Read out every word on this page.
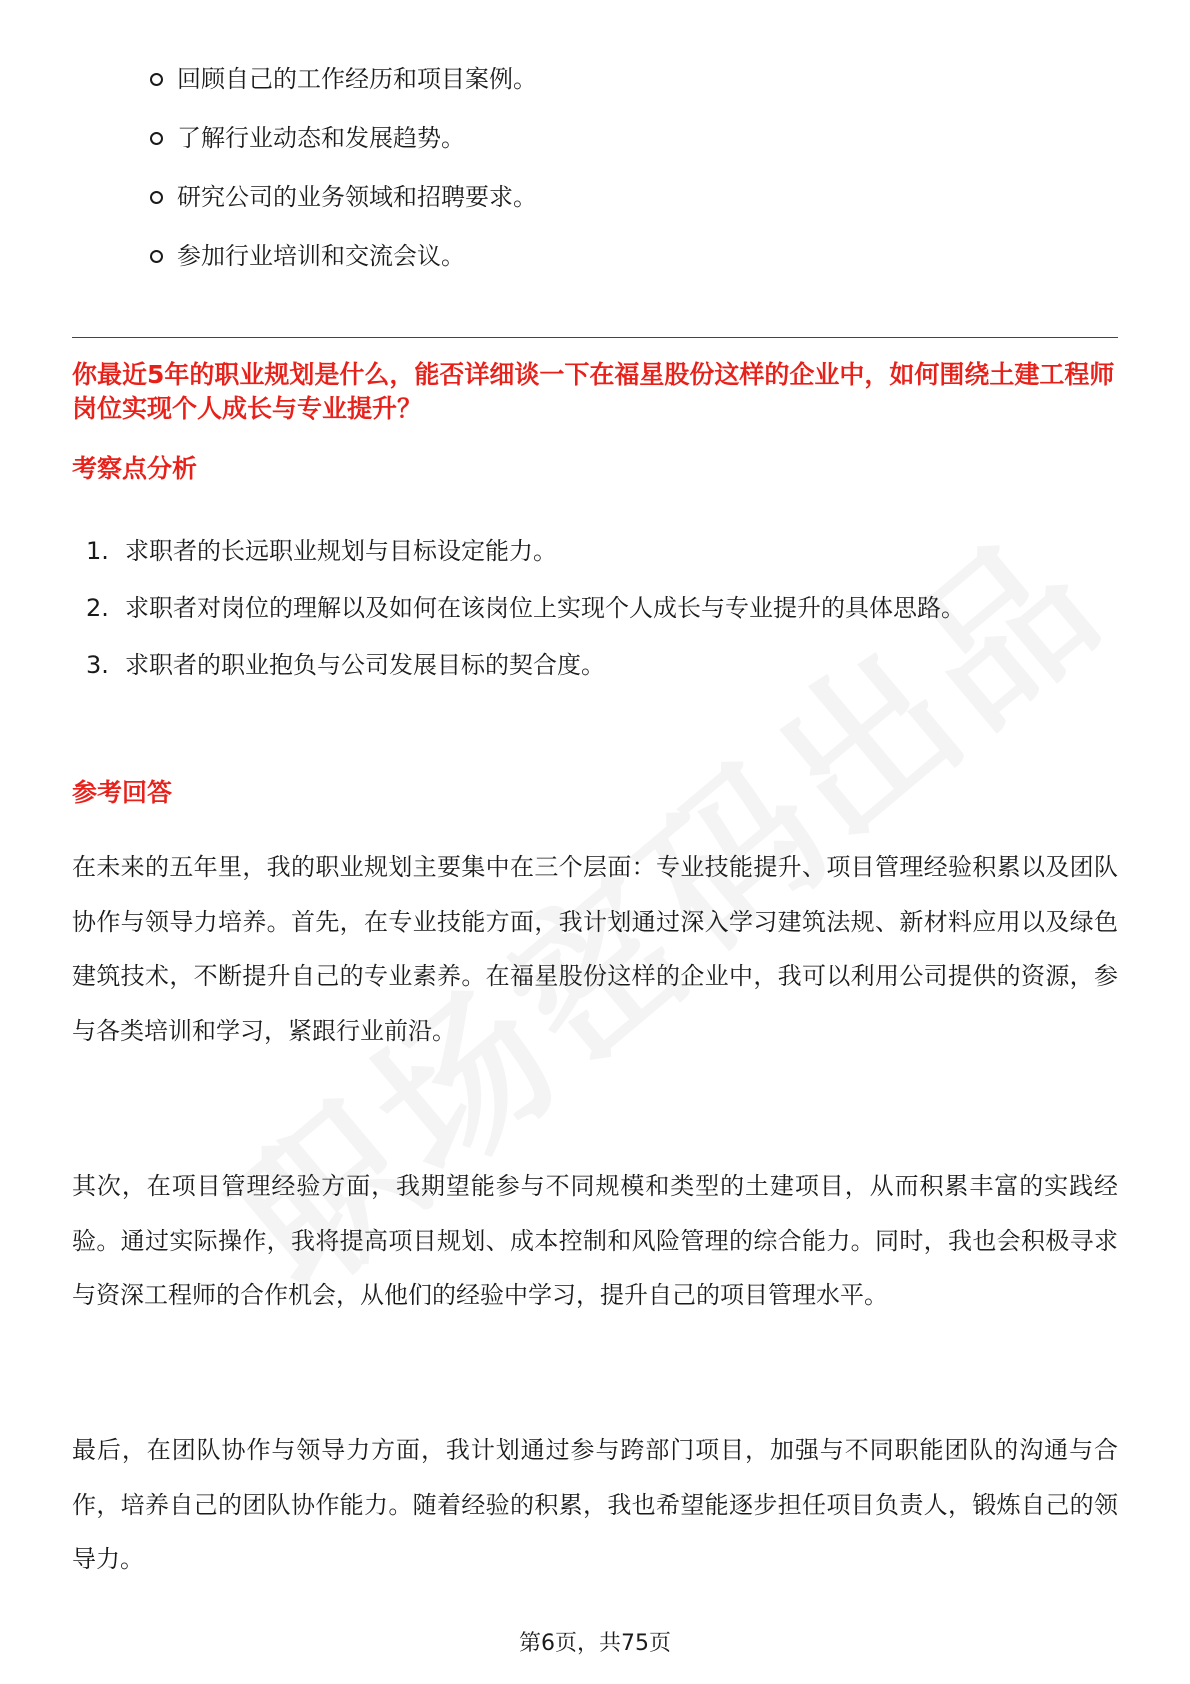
回顾自己的工作经历和项目案例。
了解行业动态和发展趋势。
研究公司的业务领域和招聘要求。
参加行业培训和交流会议。
你最近5年的职业规划是什么，能否详细谈一下在福星股份这样的企业中，如何围绕土建工程师岗位实现个人成长与专业提升？
考察点分析
1. 求职者的长远职业规划与目标设定能力。
2. 求职者对岗位的理解以及如何在该岗位上实现个人成长与专业提升的具体思路。
3. 求职者的职业抱负与公司发展目标的契合度。
参考回答

在未来的五年里，我的职业规划主要集中在三个层面：专业技能提升、项目管理经验积累以及团队协作与领导力培养。首先，在专业技能方面，我计划通过深入学习建筑法规、新材料应用以及绿色建筑技术，不断提升自己的专业素养。在福星股份这样的企业中，我可以利用公司提供的资源，参与各类培训和学习，紧跟行业前沿。

其次，在项目管理经验方面，我期望能参与不同规模和类型的土建项目，从而积累丰富的实践经验。通过实际操作，我将提高项目规划、成本控制和风险管理的综合能力。同时，我也会积极寻求与资深工程师的合作机会，从他们的经验中学习，提升自己的项目管理水平。

最后，在团队协作与领导力方面，我计划通过参与跨部门项目，加强与不同职能团队的沟通与合作，培养自己的团队协作能力。随着经验的积累，我也希望能逐步担任项目负责人，锻炼自己的领导力。

第6页，共75页
